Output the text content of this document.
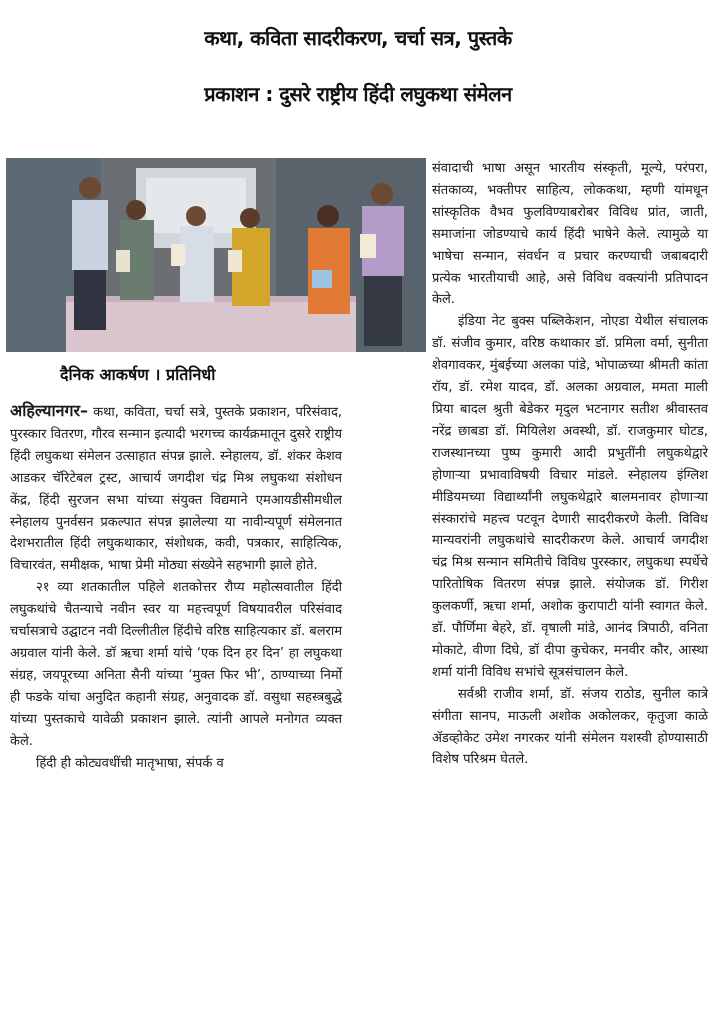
कथा, कविता सादरीकरण, चर्चा सत्र, पुस्तके
प्रकाशन : दुसरे राष्ट्रीय हिंदी लघुकथा संमेलन
दैनिक आकर्षण । प्रतिनिधी

अहिल्यानगर– कथा, कविता, चर्चा सत्रे, पुस्तके प्रकाशन, परिसंवाद, पुरस्कार वितरण, गौरव सन्मान इत्यादी भरगच्च कार्यक्रमातून दुसरे राष्ट्रीय हिंदी लघुकथा संमेलन उत्साहात संपन्न झाले. स्नेहालय, डॉ. शंकर केशव आडकर चॅरिटेबल ट्रस्ट, आचार्य जगदीश चंद्र मिश्र लघुकथा संशोधन केंद्र, हिंदी सुरजन सभा यांच्या संयुक्त विद्यमाने एमआयडीसीमधील स्नेहालय पुनर्वसन प्रकल्पात संपन्न झालेल्या या नावीन्यपूर्ण संमेलनात देशभरातील हिंदी लघुकथाकार, संशोधक, कवी, पत्रकार, साहित्यिक, विचारवंत, समीक्षक, भाषा प्रेमी मोठ्या संख्येने सहभागी झाले होते.

२१ व्या शतकातील पहिले शतकोत्तर रौप्य महोत्सवातील हिंदी लघुकथांचे चैतन्याचे नवीन स्वर या महत्त्वपूर्ण विषयावरील परिसंवाद चर्चासत्राचे उद्घाटन नवी दिल्लीतील हिंदीचे वरिष्ठ साहित्यकार डॉ. बलराम अग्रवाल यांनी केले. डॉ ऋचा शर्मा यांचे ‘एक दिन हर दिन’ हा लघुकथा संग्रह, जयपूरच्या अनिता सैनी यांच्या ‘मुक्त फिर भी’, ठाण्याच्या निर्मो ही फडके यांचा अनुदित कहानी संग्रह, अनुवादक डॉ. वसुधा सहस्त्रबुद्धे यांच्या पुस्तकाचे यावेळी प्रकाशन झाले. त्यांनी आपले मनोगत व्यक्त केले.

हिंदी ही कोट्यवधींची मातृभाषा, संपर्क व

संवादाची भाषा असून भारतीय संस्कृती, मूल्ये, परंपरा, संतकाव्य, भक्तीपर साहित्य, लोककथा, म्हणी यांमधून सांस्कृतिक वैभव फुलविण्याबरोबर विविध प्रांत, जाती, समाजांना जोडण्याचे कार्य हिंदी भाषेने केले. त्यामुळे या भाषेचा सन्मान, संवर्धन व प्रचार करण्याची जबाबदारी प्रत्येक भारतीयाची आहे, असे विविध वक्त्यांनी प्रतिपादन केले.

इंडिया नेट बुक्स पब्लिकेशन, नोएडा येथील संचालक डॉ. संजीव कुमार, वरिष्ठ कथाकार डॉ. प्रमिला वर्मा, सुनीता शेवगावकर, मुंबईच्या अलका पांडे, भोपाळच्या श्रीमती कांता रॉय, डॉ. रमेश यादव, डॉ. अलका अग्रवाल, ममता माली प्रिया बादल श्रुती बेडेकर मृदुल भटनागर सतीश श्रीवास्तव नरेंद्र छाबडा डॉ. मियिलेश अवस्थी, डॉ. राजकुमार घोटड, राजस्थानच्या पुष्प कुमारी आदी प्रभुतींनी लघुकथेद्वारे होणाऱ्या प्रभावाविषयी विचार मांडले. स्नेहालय इंग्लिश मीडियमच्या विद्यार्थ्यांनी लघुकथेद्वारे बालमनावर होणाऱ्या संस्कारांचे महत्त्व पटवून देणारी सादरीकरणे केली. विविध मान्यवरांनी लघुकथांचे सादरीकरण केले. आचार्य जगदीश चंद्र मिश्र सन्मान समितीचे विविध पुरस्कार, लघुकथा स्पर्धेचे पारितोषिक वितरण संपन्न झाले. संयोजक डॉ. गिरीश कुलकर्णी, ऋचा शर्मा, अशोक कुरापाटी यांनी स्वागत केले. डॉ. पौर्णिमा बेहरे, डॉ. वृषाली मांडे, आनंद त्रिपाठी, वनिता मोकाटे, वीणा दिघे, डॉ दीपा कुचेकर, मनवीर कौर, आस्था शर्मा यांनी विविध सभांचे सूत्रसंचालन केले.

सर्वश्री राजीव शर्मा, डॉ. संजय राठोड, सुनील कात्रे संगीता सानप, माऊली अशोक अकोलकर, कृतुजा काळे ॲडव्होकेट उमेश नगरकर यांनी संमेलन यशस्वी होण्यासाठी विशेष परिश्रम घेतले.
